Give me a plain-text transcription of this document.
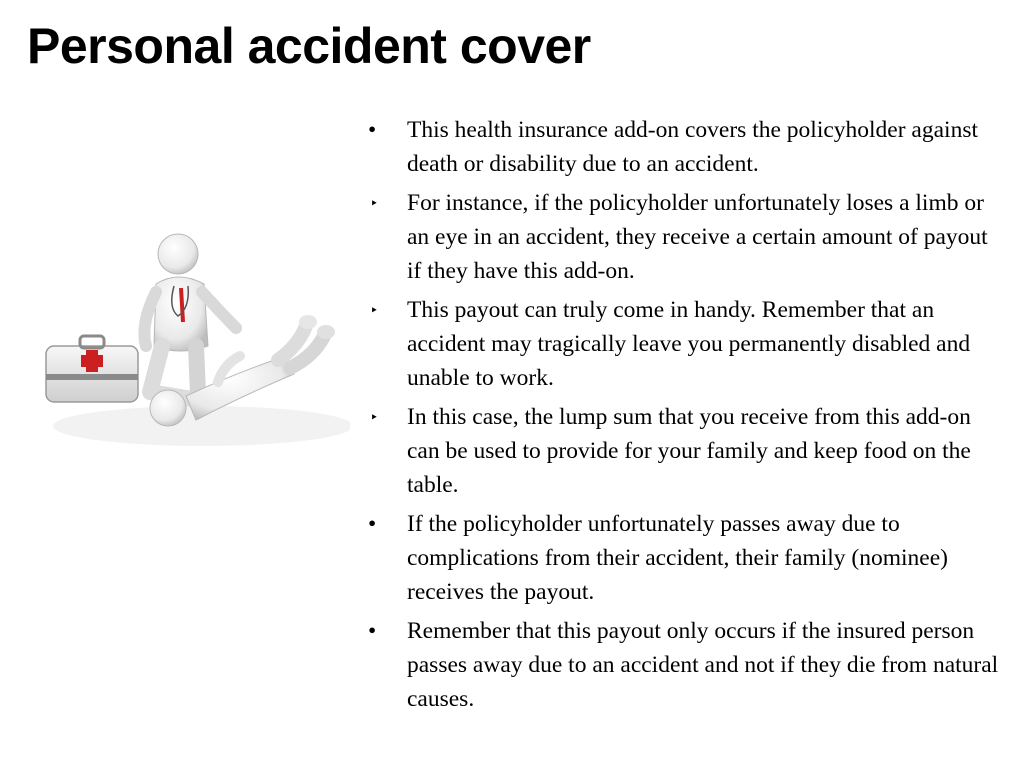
Personal accident cover
• This health insurance add-on covers the policyholder against death or disability due to an accident.
‣ For instance, if the policyholder unfortunately loses a limb or an eye in an accident, they receive a certain amount of payout if they have this add-on.
‣ This payout can truly come in handy. Remember that an accident may tragically leave you permanently disabled and unable to work.
‣ In this case, the lump sum that you receive from this add-on can be used to provide for your family and keep food on the table.
• If the policyholder unfortunately passes away due to complications from their accident, their family (nominee) receives the payout.
• Remember that this payout only occurs if the insured person passes away due to an accident and not if they die from natural causes.
